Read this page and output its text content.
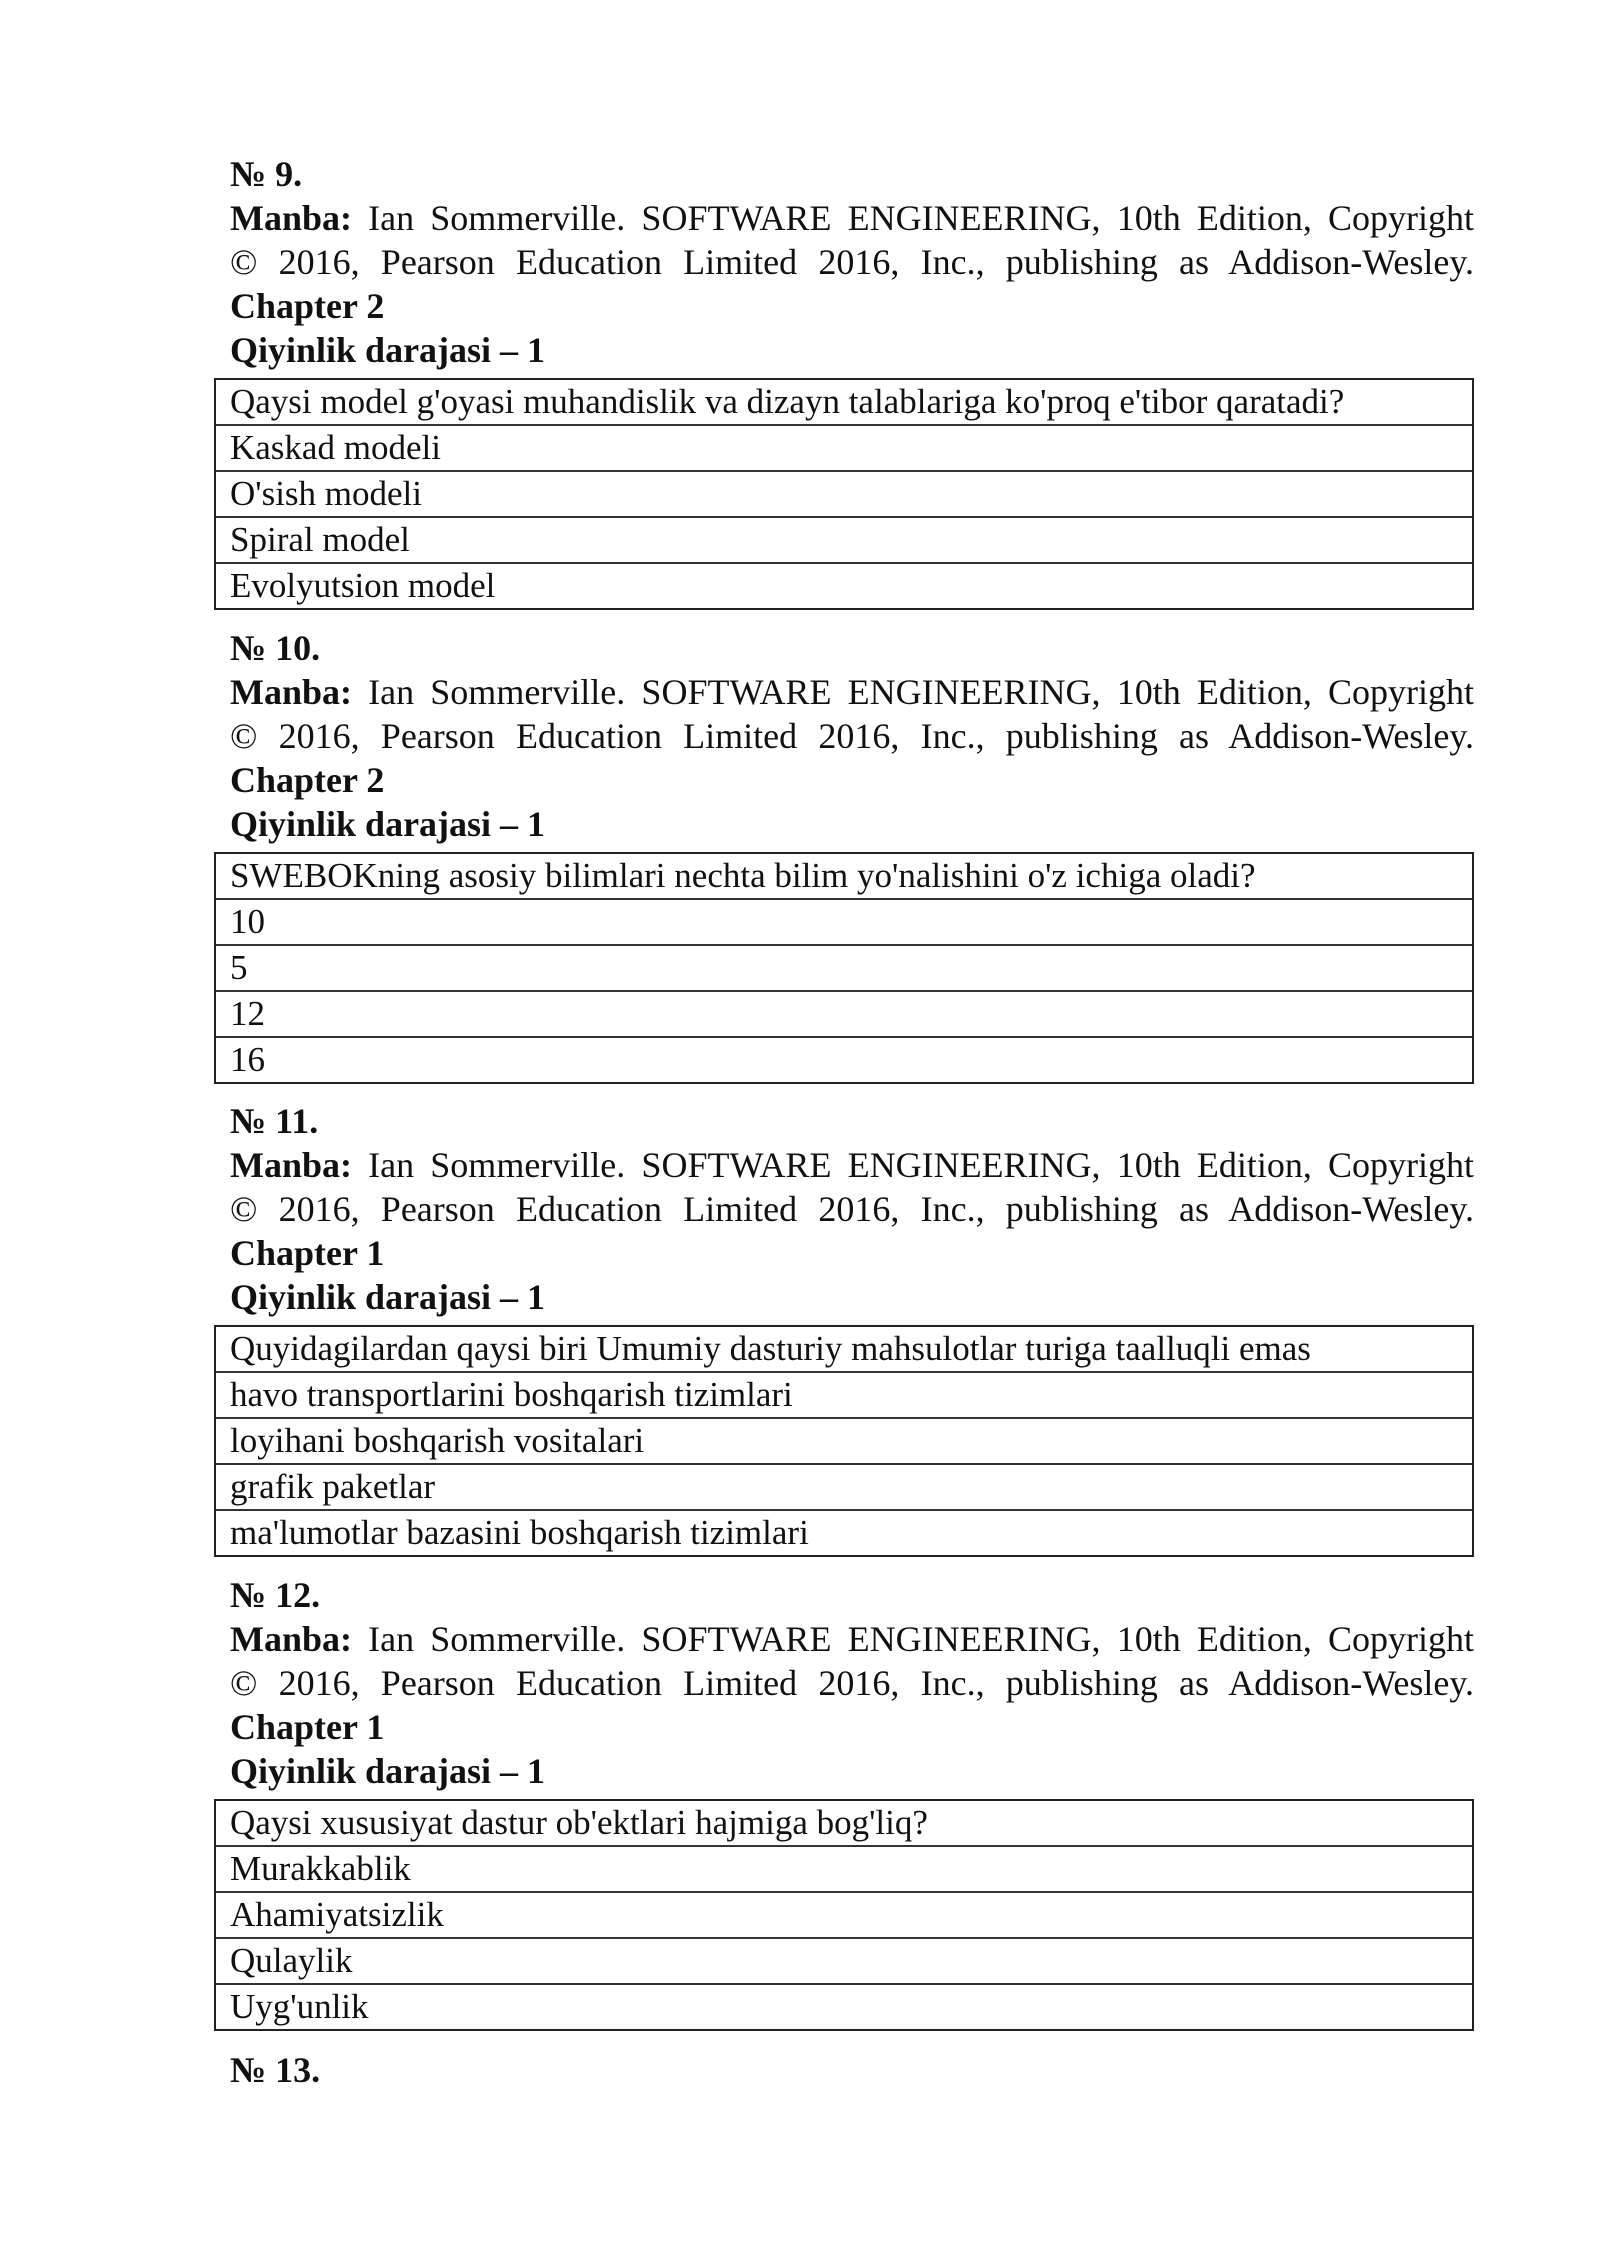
№ 9.
Manba: Ian Sommerville. SOFTWARE ENGINEERING, 10th Edition, Copyright
© 2016, Pearson Education Limited 2016, Inc., publishing as Addison-Wesley.
Chapter 2
Qiyinlik darajasi – 1
Qaysi model g'oyasi muhandislik va dizayn talablariga ko'proq e'tibor qaratadi?
Kaskad modeli
O'sish modeli
Spiral model
Evolyutsion model
№ 10.
Manba: Ian Sommerville. SOFTWARE ENGINEERING, 10th Edition, Copyright
© 2016, Pearson Education Limited 2016, Inc., publishing as Addison-Wesley.
Chapter 2
Qiyinlik darajasi – 1
SWEBOKning asosiy bilimlari nechta bilim yo'nalishini o'z ichiga oladi?
10
5
12
16
№ 11.
Manba: Ian Sommerville. SOFTWARE ENGINEERING, 10th Edition, Copyright
© 2016, Pearson Education Limited 2016, Inc., publishing as Addison-Wesley.
Chapter 1
Qiyinlik darajasi – 1
Quyidagilardan qaysi biri Umumiy dasturiy mahsulotlar turiga taalluqli emas
havo transportlarini boshqarish tizimlari
loyihani boshqarish vositalari
grafik paketlar
ma'lumotlar bazasini boshqarish tizimlari
№ 12.
Manba: Ian Sommerville. SOFTWARE ENGINEERING, 10th Edition, Copyright
© 2016, Pearson Education Limited 2016, Inc., publishing as Addison-Wesley.
Chapter 1
Qiyinlik darajasi – 1
Qaysi xususiyat dastur ob'ektlari hajmiga bog'liq?
Murakkablik
Ahamiyatsizlik
Qulaylik
Uyg'unlik
№ 13.
